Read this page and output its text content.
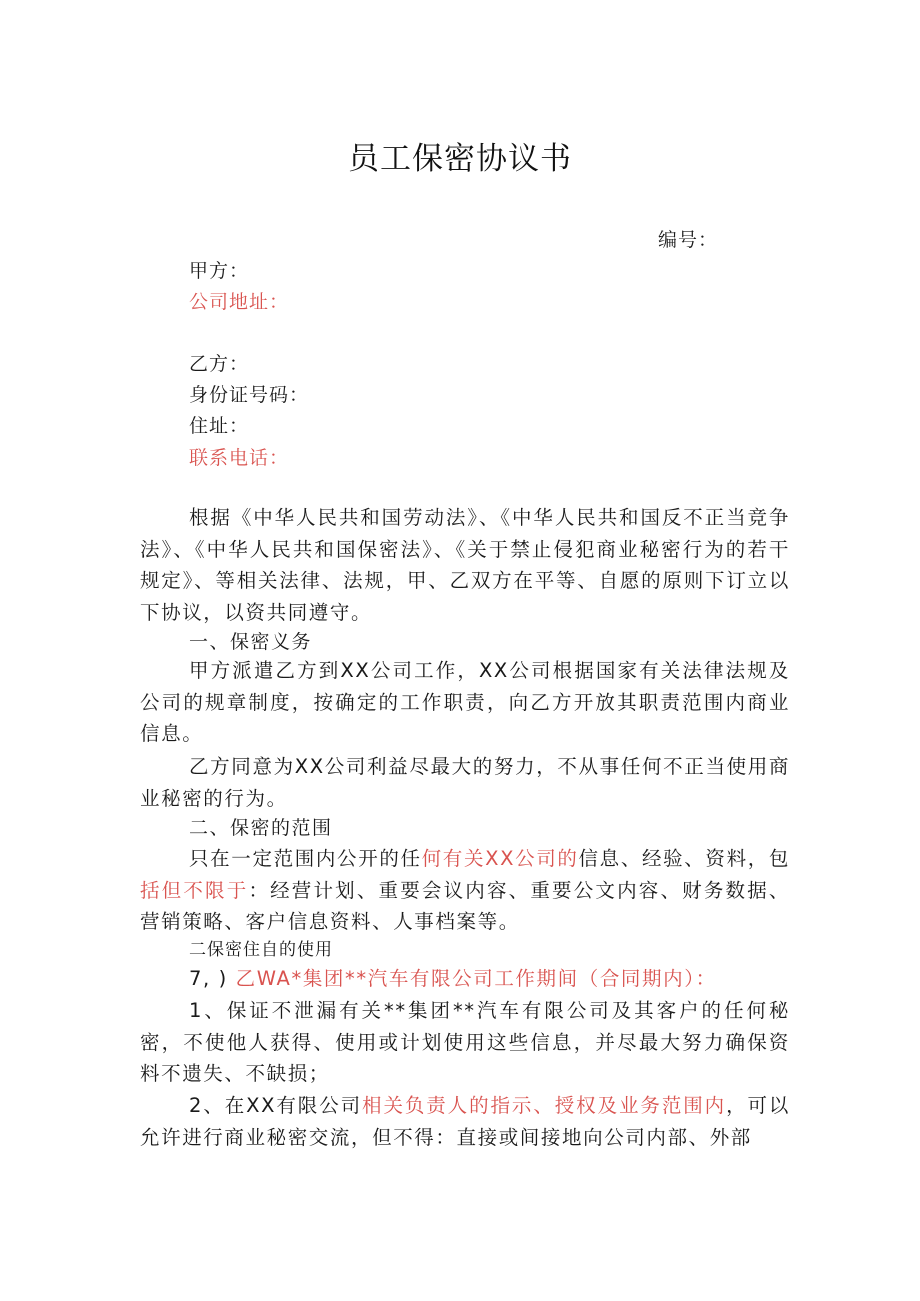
员工保密协议书
编号：
甲方：
公司地址：
乙方：
身份证号码：
住址：
联系电话：
根据《中华人民共和国劳动法》、《中华人民共和国反不正当竞争法》、《中华人民共和国保密法》、《关于禁止侵犯商业秘密行为的若干规定》、等相关法律、法规，甲、乙双方在平等、自愿的原则下订立以下协议，以资共同遵守。
一、保密义务
甲方派遣乙方到XX公司工作，XX公司根据国家有关法律法规及公司的规章制度，按确定的工作职责，向乙方开放其职责范围内商业信息。
乙方同意为XX公司利益尽最大的努力，不从事任何不正当使用商业秘密的行为。
二、保密的范围
只在一定范围内公开的任何有关XX公司的信息、经验、资料，包括但不限于：经营计划、重要会议内容、重要公文内容、财务数据、营销策略、客户信息资料、人事档案等。
二保密住自的使用
7, ) 乙WA*集团**汽车有限公司工作期间（合同期内）：
1、保证不泄漏有关**集团**汽车有限公司及其客户的任何秘密，不使他人获得、使用或计划使用这些信息，并尽最大努力确保资料不遗失、不缺损；
2、在XX有限公司相关负责人的指示、授权及业务范围内，可以允许进行商业秘密交流，但不得：直接或间接地向公司内部、外部
